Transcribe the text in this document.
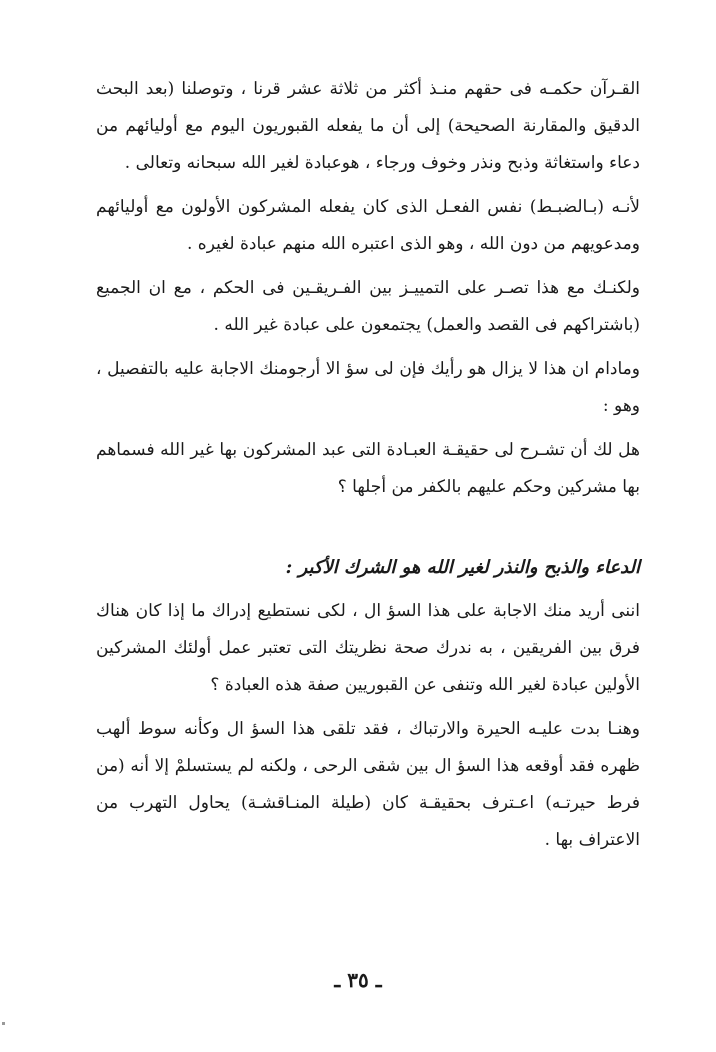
القـرآن حكمـه فى حقهم منـذ أكثر من ثلاثة عشر قرنا ، وتوصلنا (بعد البحث الدقيق والمقارنة الصحيحة) إلى أن ما يفعله القبوريون اليوم مع أوليائهم من دعاء واستغاثة وذبح ونذر وخوف ورجاء ، هوعبادة لغير الله سبحانه وتعالى .

لأنـه (بـالضبـط) نفس الفعـل الذى كان يفعله المشركون الأولون مع أوليائهم ومدعويهم من دون الله ، وهو الذى اعتبره الله منهم عبادة لغيره .

ولكنـك مع هذا تصـر على التمييـز بين الفـريقـين فى الحكم ، مع ان الجميع (باشتراكهم فى القصد والعمل) يجتمعون على عبادة غير الله .

ومادام ان هذا لا يزال هو رأيك فإن لى سؤ الا أرجومنك الاجابة عليه بالتفصيل ، وهو :

هل لك أن تشـرح لى حقيقـة العبـادة التى عبد المشركون بها غير الله فسماهم بها مشركين وحكم عليهم بالكفر من أجلها ؟

الدعاء والذبح والنذر لغير الله هو الشرك الأكبر :

اننى أريد منك الاجابة على هذا السؤ ال ، لكى نستطيع إدراك ما إذا كان هناك فرق بين الفريقين ، به ندرك صحة نظريتك التى تعتبر عمل أولئك المشركين الأولين عبادة لغير الله وتنفى عن القبوريين صفة هذه العبادة ؟

وهنـا بدت عليـه الحيرة والارتباك ، فقد تلقى هذا السؤ ال وكأنه سوط ألهب ظهره فقد أوقعه هذا السؤ ال بين شقى الرحى ، ولكنه لم يستسلمْ إلا أنه (من فرط حيرتـه) اعـترف بحقيقـة كان (طيلة المنـاقشـة) يحاول التهرب من الاعتراف بها .

ـ ٣٥ ـ
